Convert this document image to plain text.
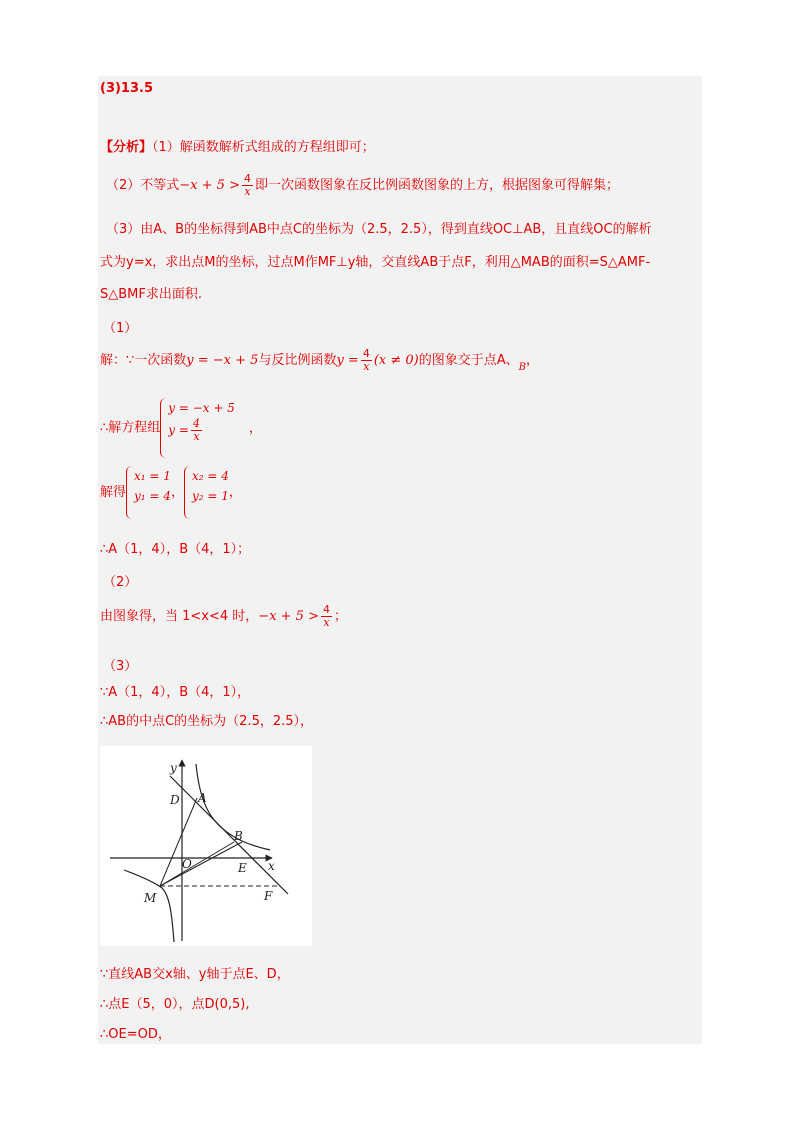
(3)13.5
【分析】（1）解函数解析式组成的方程组即可；
（2）不等式$-x + 5 > \frac{4}{x}$ 即一次函数图象在反比例函数图象的上方，根据图象可得解集；
（3）由A、B的坐标得到AB中点C的坐标为（2.5，2.5），得到直线OC⊥AB，且直线OC的解析
式为y=x，求出点M的坐标，过点M作MF⊥y轴，交直线AB于点F，利用△MAB的面积=S△AMF-
S△BMF求出面积.
（1）
解：∵一次函数y = −x + 5与反比例函数$y = \frac{4}{x} (x \ne 0)$的图象交于点A、$_B$，
∴解方程组
y = −x + 5
$y = \frac{4}{x}$	，
解得
x₁ = 1
y₁ = 4 ，
x₂ = 4
y₂ = 1 ，
∴A（1，4），B（4，1）；
（2）
由图象得，当 1<x<4 时，$-x + 5 > \frac{4}{x}$ ；
（3）
∵A（1，4），B（4，1），
∴AB的中点C的坐标为（2.5，2.5），
y
x
D A
B
O	E
M	F
∵直线AB交x轴、y轴于点E、D，
∴点E（5，0），点D(0,5),
∴OE=OD，
